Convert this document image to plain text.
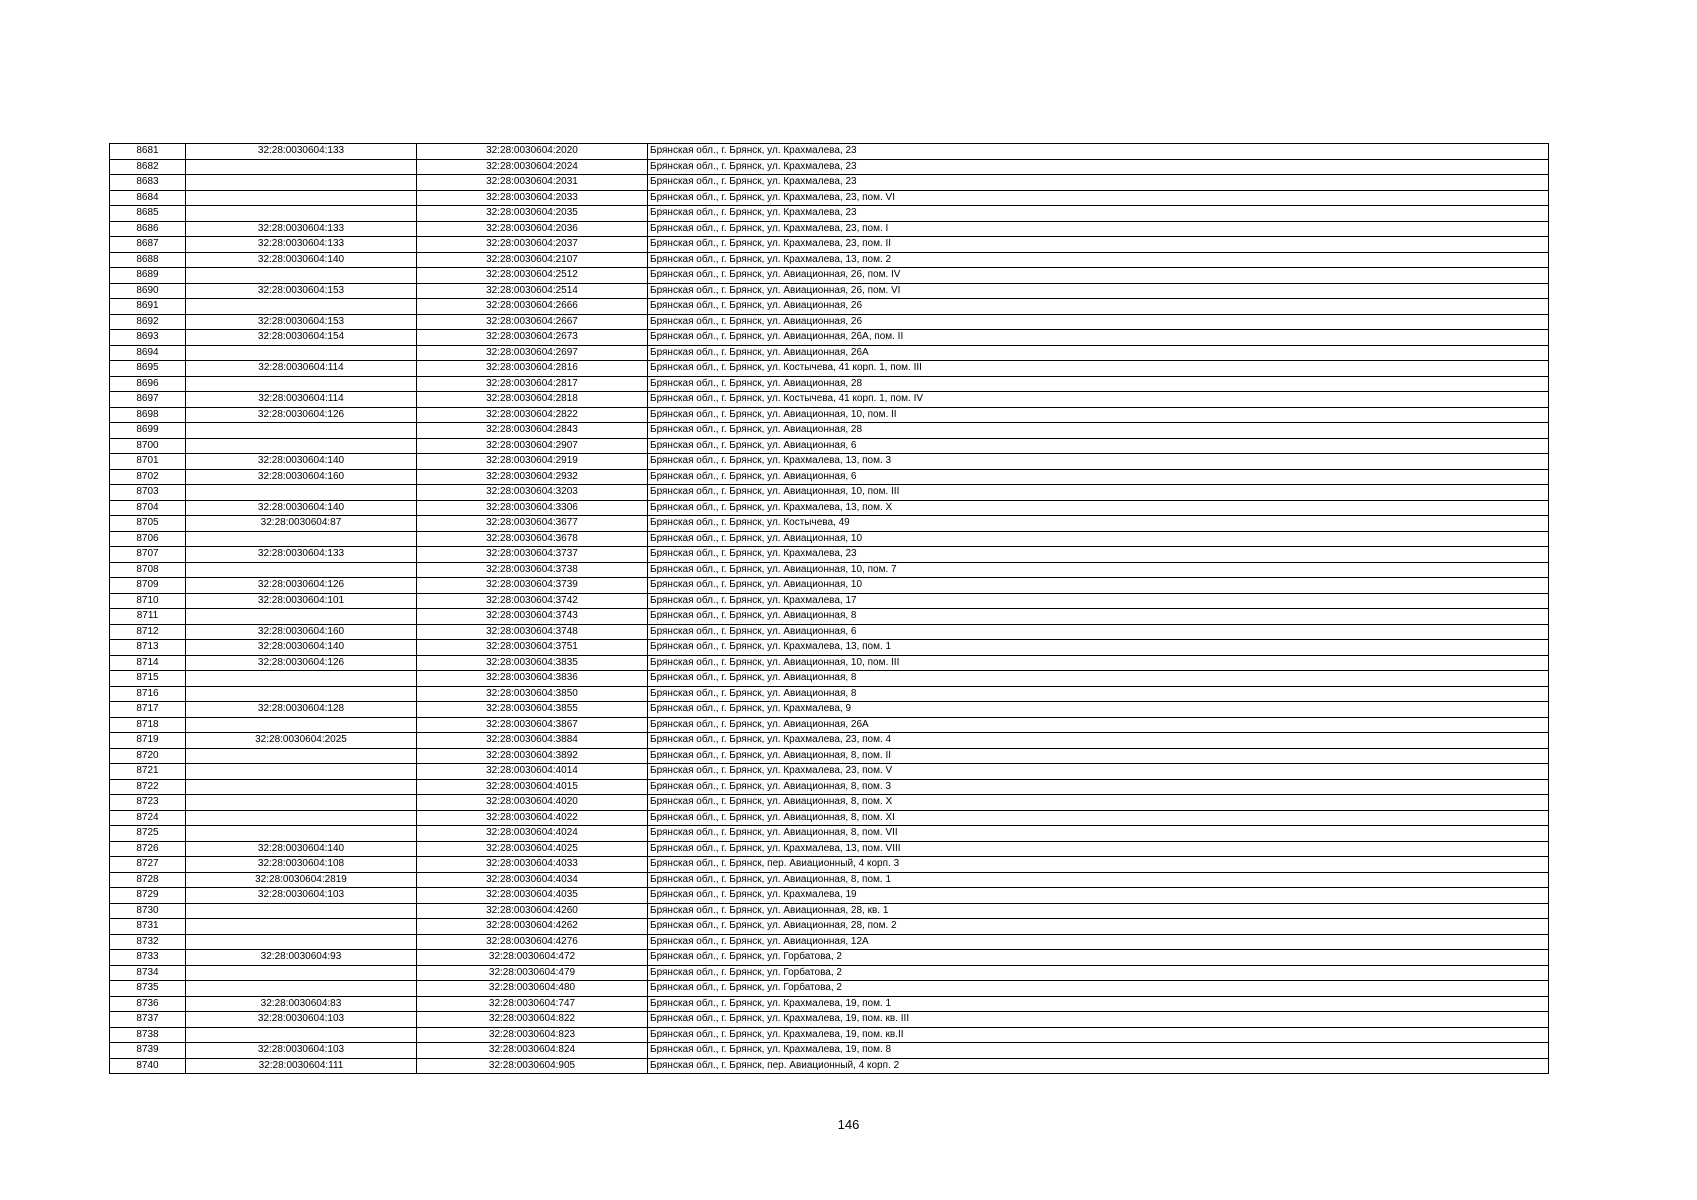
8681	32:28:0030604:133	32:28:0030604:2020	Брянская обл., г. Брянск, ул. Крахмалева, 23
8682		32:28:0030604:2024	Брянская обл., г. Брянск, ул. Крахмалева, 23
8683		32:28:0030604:2031	Брянская обл., г. Брянск, ул. Крахмалева, 23
8684		32:28:0030604:2033	Брянская обл., г. Брянск, ул. Крахмалева, 23, пом. VI
8685		32:28:0030604:2035	Брянская обл., г. Брянск, ул. Крахмалева, 23
8686	32:28:0030604:133	32:28:0030604:2036	Брянская обл., г. Брянск, ул. Крахмалева, 23, пом. I
8687	32:28:0030604:133	32:28:0030604:2037	Брянская обл., г. Брянск, ул. Крахмалева, 23, пом. II
8688	32:28:0030604:140	32:28:0030604:2107	Брянская обл., г. Брянск, ул. Крахмалева, 13, пом. 2
8689		32:28:0030604:2512	Брянская обл., г. Брянск, ул. Авиационная, 26, пом. IV
8690	32:28:0030604:153	32:28:0030604:2514	Брянская обл., г. Брянск, ул. Авиационная, 26, пом. VI
8691		32:28:0030604:2666	Брянская обл., г. Брянск, ул. Авиационная, 26
8692	32:28:0030604:153	32:28:0030604:2667	Брянская обл., г. Брянск, ул. Авиационная, 26
8693	32:28:0030604:154	32:28:0030604:2673	Брянская обл., г. Брянск, ул. Авиационная, 26А, пом. II
8694		32:28:0030604:2697	Брянская обл., г. Брянск, ул. Авиационная, 26А
8695	32:28:0030604:114	32:28:0030604:2816	Брянская обл., г. Брянск, ул. Костычева, 41 корп. 1, пом. III
8696		32:28:0030604:2817	Брянская обл., г. Брянск, ул. Авиационная, 28
8697	32:28:0030604:114	32:28:0030604:2818	Брянская обл., г. Брянск, ул. Костычева, 41 корп. 1, пом. IV
8698	32:28:0030604:126	32:28:0030604:2822	Брянская обл., г. Брянск, ул. Авиационная, 10, пом. II
8699		32:28:0030604:2843	Брянская обл., г. Брянск, ул. Авиационная, 28
8700		32:28:0030604:2907	Брянская обл., г. Брянск, ул. Авиационная, 6
8701	32:28:0030604:140	32:28:0030604:2919	Брянская обл., г. Брянск, ул. Крахмалева, 13, пом. 3
8702	32:28:0030604:160	32:28:0030604:2932	Брянская обл., г. Брянск, ул. Авиационная, 6
8703		32:28:0030604:3203	Брянская обл., г. Брянск, ул. Авиационная, 10, пом. III
8704	32:28:0030604:140	32:28:0030604:3306	Брянская обл., г. Брянск, ул. Крахмалева, 13, пом. X
8705	32:28:0030604:87	32:28:0030604:3677	Брянская обл., г. Брянск, ул. Костычева, 49
8706		32:28:0030604:3678	Брянская обл., г. Брянск, ул. Авиационная, 10
8707	32:28:0030604:133	32:28:0030604:3737	Брянская обл., г. Брянск, ул. Крахмалева, 23
8708		32:28:0030604:3738	Брянская обл., г. Брянск, ул. Авиационная, 10, пом. 7
8709	32:28:0030604:126	32:28:0030604:3739	Брянская обл., г. Брянск, ул. Авиационная, 10
8710	32:28:0030604:101	32:28:0030604:3742	Брянская обл., г. Брянск, ул. Крахмалева, 17
8711		32:28:0030604:3743	Брянская обл., г. Брянск, ул. Авиационная, 8
8712	32:28:0030604:160	32:28:0030604:3748	Брянская обл., г. Брянск, ул. Авиационная, 6
8713	32:28:0030604:140	32:28:0030604:3751	Брянская обл., г. Брянск, ул. Крахмалева, 13, пом. 1
8714	32:28:0030604:126	32:28:0030604:3835	Брянская обл., г. Брянск, ул. Авиационная, 10, пом. III
8715		32:28:0030604:3836	Брянская обл., г. Брянск, ул. Авиационная, 8
8716		32:28:0030604:3850	Брянская обл., г. Брянск, ул. Авиационная, 8
8717	32:28:0030604:128	32:28:0030604:3855	Брянская обл., г. Брянск, ул. Крахмалева, 9
8718		32:28:0030604:3867	Брянская обл., г. Брянск, ул. Авиационная, 26А
8719	32:28:0030604:2025	32:28:0030604:3884	Брянская обл., г. Брянск, ул. Крахмалева, 23, пом. 4
8720		32:28:0030604:3892	Брянская обл., г. Брянск, ул. Авиационная, 8, пом. II
8721		32:28:0030604:4014	Брянская обл., г. Брянск, ул. Крахмалева, 23, пом. V
8722		32:28:0030604:4015	Брянская обл., г. Брянск, ул. Авиационная, 8, пом. 3
8723		32:28:0030604:4020	Брянская обл., г. Брянск, ул. Авиационная, 8, пом. X
8724		32:28:0030604:4022	Брянская обл., г. Брянск, ул. Авиационная, 8, пом. XI
8725		32:28:0030604:4024	Брянская обл., г. Брянск, ул. Авиационная, 8, пом. VII
8726	32:28:0030604:140	32:28:0030604:4025	Брянская обл., г. Брянск, ул. Крахмалева, 13, пом. VIII
8727	32:28:0030604:108	32:28:0030604:4033	Брянская обл., г. Брянск, пер. Авиационный, 4 корп. 3
8728	32:28:0030604:2819	32:28:0030604:4034	Брянская обл., г. Брянск, ул. Авиационная, 8, пом. 1
8729	32:28:0030604:103	32:28:0030604:4035	Брянская обл., г. Брянск, ул. Крахмалева, 19
8730		32:28:0030604:4260	Брянская обл., г. Брянск, ул. Авиационная, 28, кв. 1
8731		32:28:0030604:4262	Брянская обл., г. Брянск, ул. Авиационная, 28, пом. 2
8732		32:28:0030604:4276	Брянская обл., г. Брянск, ул. Авиационная, 12А
8733	32:28:0030604:93	32:28:0030604:472	Брянская обл., г. Брянск, ул. Горбатова, 2
8734		32:28:0030604:479	Брянская обл., г. Брянск, ул. Горбатова, 2
8735		32:28:0030604:480	Брянская обл., г. Брянск, ул. Горбатова, 2
8736	32:28:0030604:83	32:28:0030604:747	Брянская обл., г. Брянск, ул. Крахмалева, 19, пом. 1
8737	32:28:0030604:103	32:28:0030604:822	Брянская обл., г. Брянск, ул. Крахмалева, 19, пом. кв. III
8738		32:28:0030604:823	Брянская обл., г. Брянск, ул. Крахмалева, 19, пом. кв.II
8739	32:28:0030604:103	32:28:0030604:824	Брянская обл., г. Брянск, ул. Крахмалева, 19, пом. 8
8740	32:28:0030604:111	32:28:0030604:905	Брянская обл., г. Брянск, пер. Авиационный, 4 корп. 2
146
